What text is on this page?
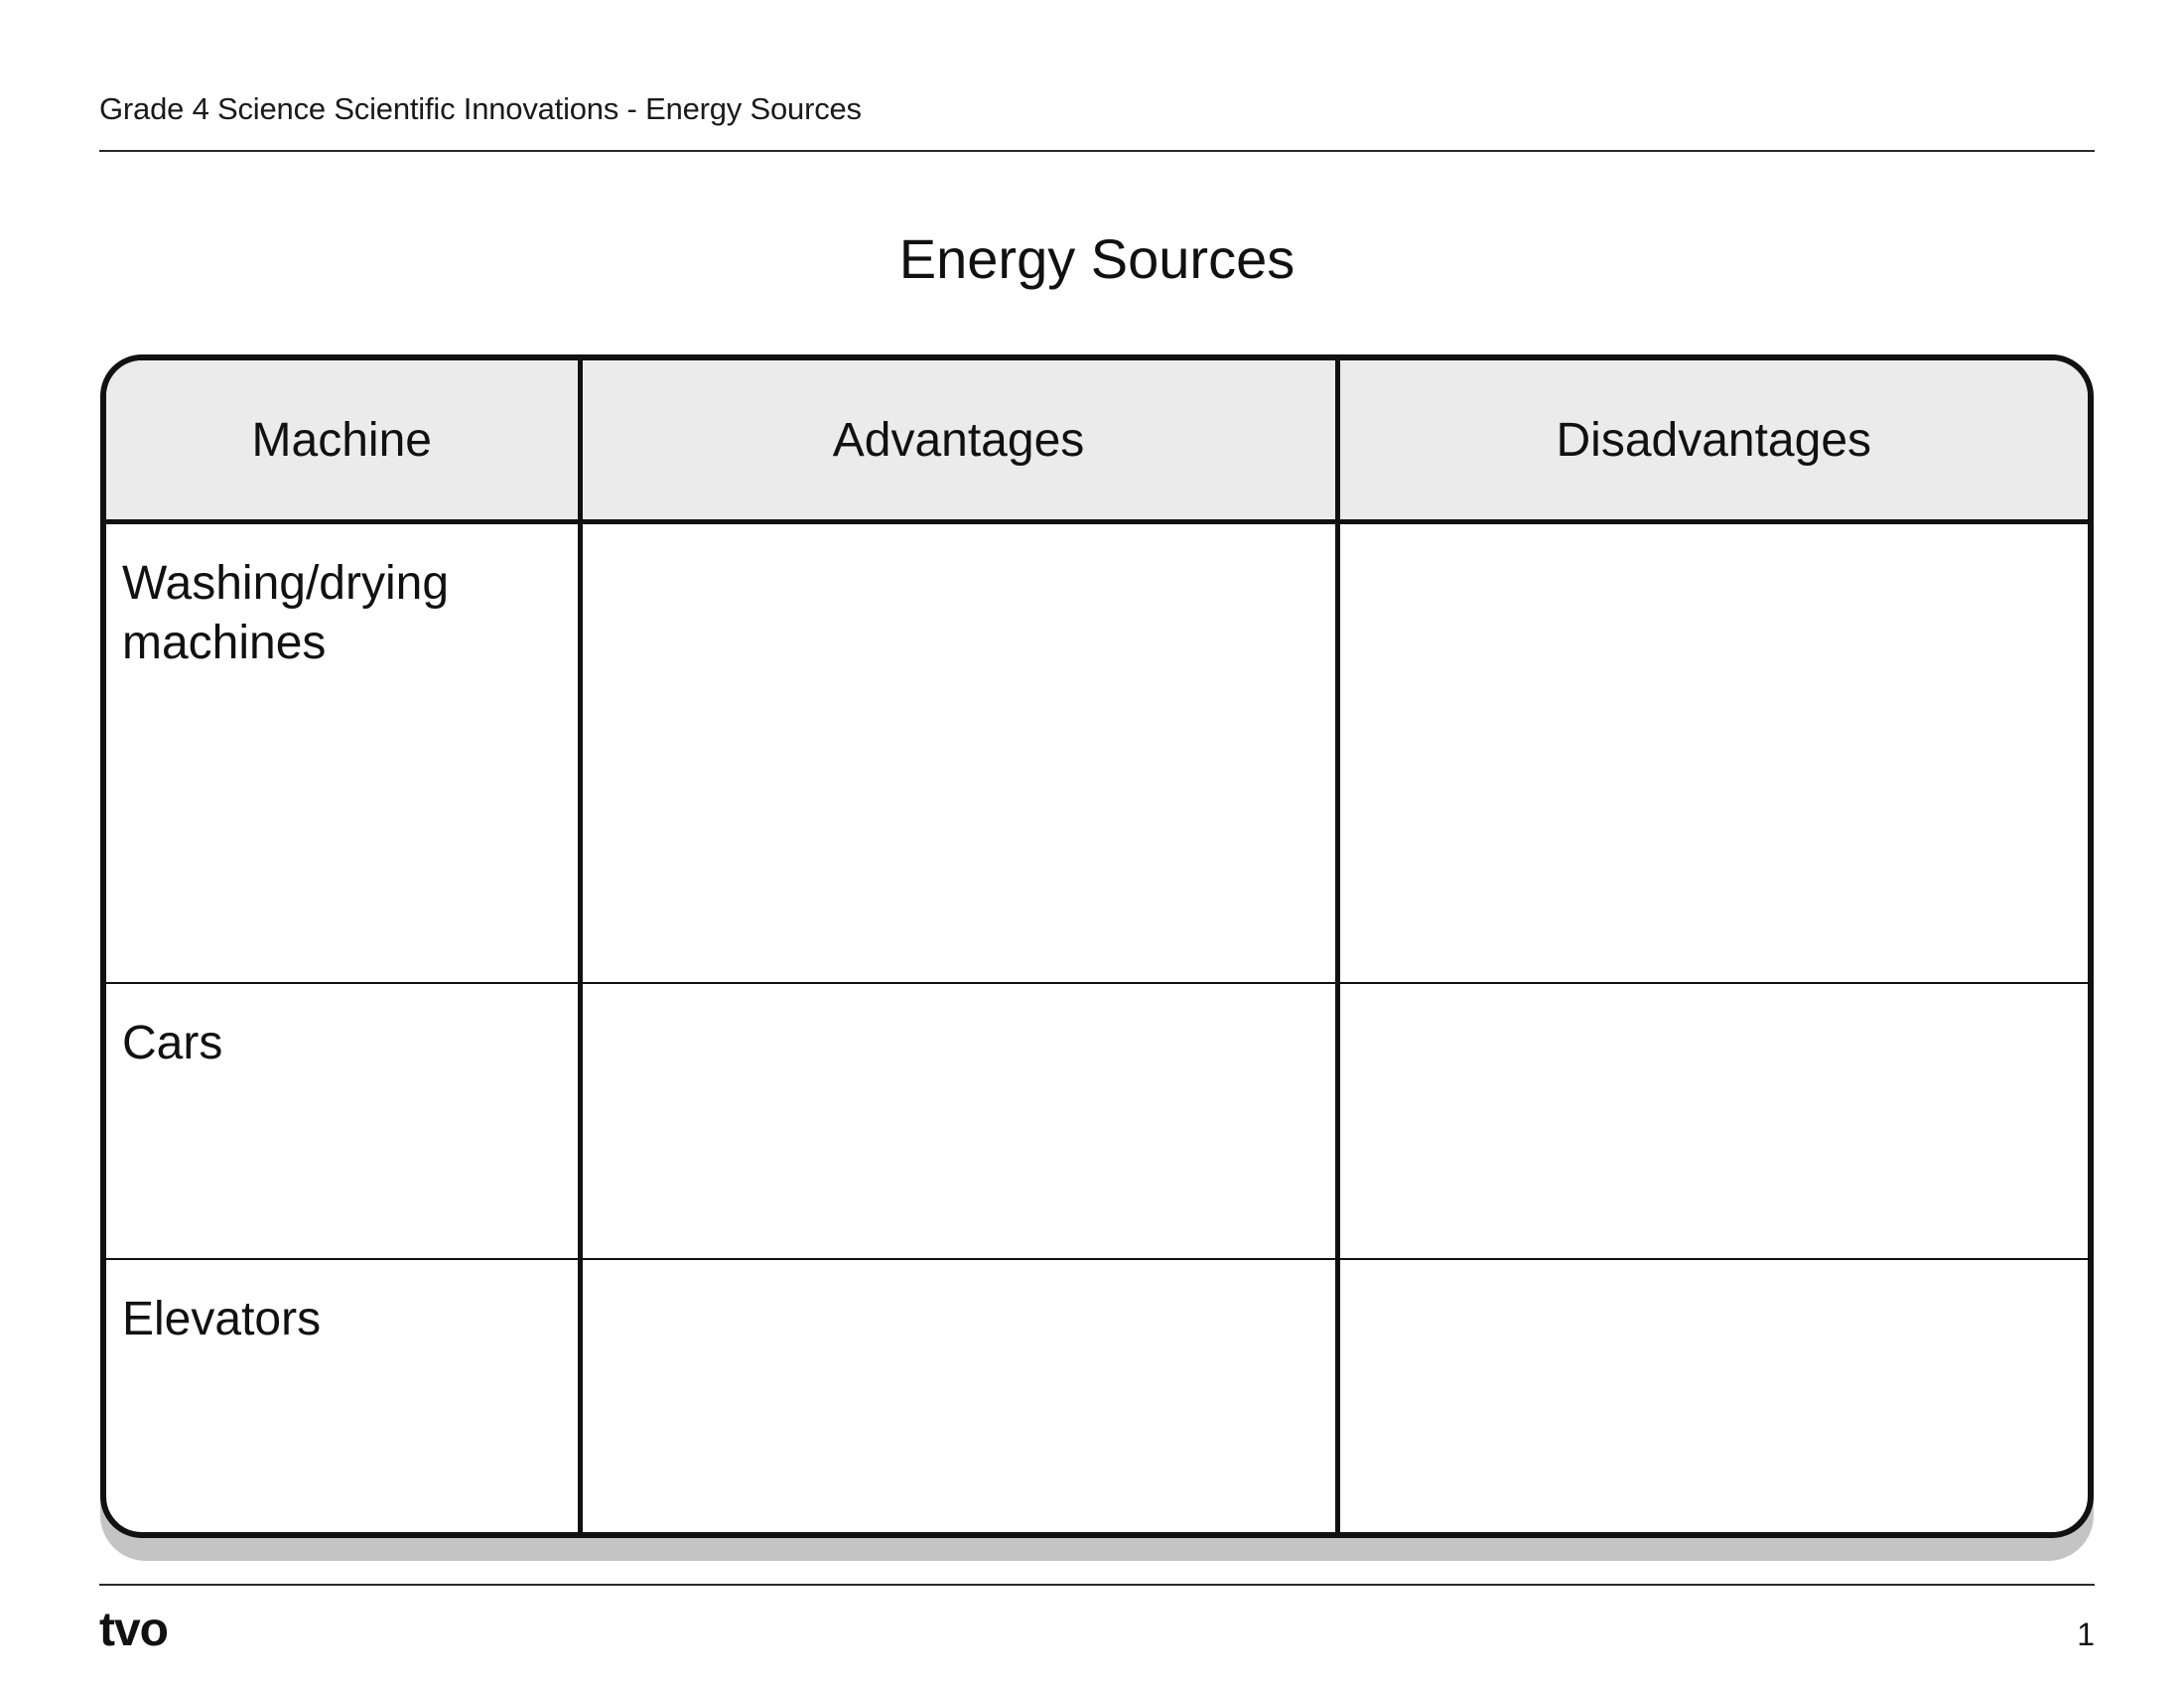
Grade 4 Science Scientific Innovations - Energy Sources
Energy Sources
Machine	Advantages	Disadvantages
Washing/drying machines		
Cars		
Elevators		
tvo	1
